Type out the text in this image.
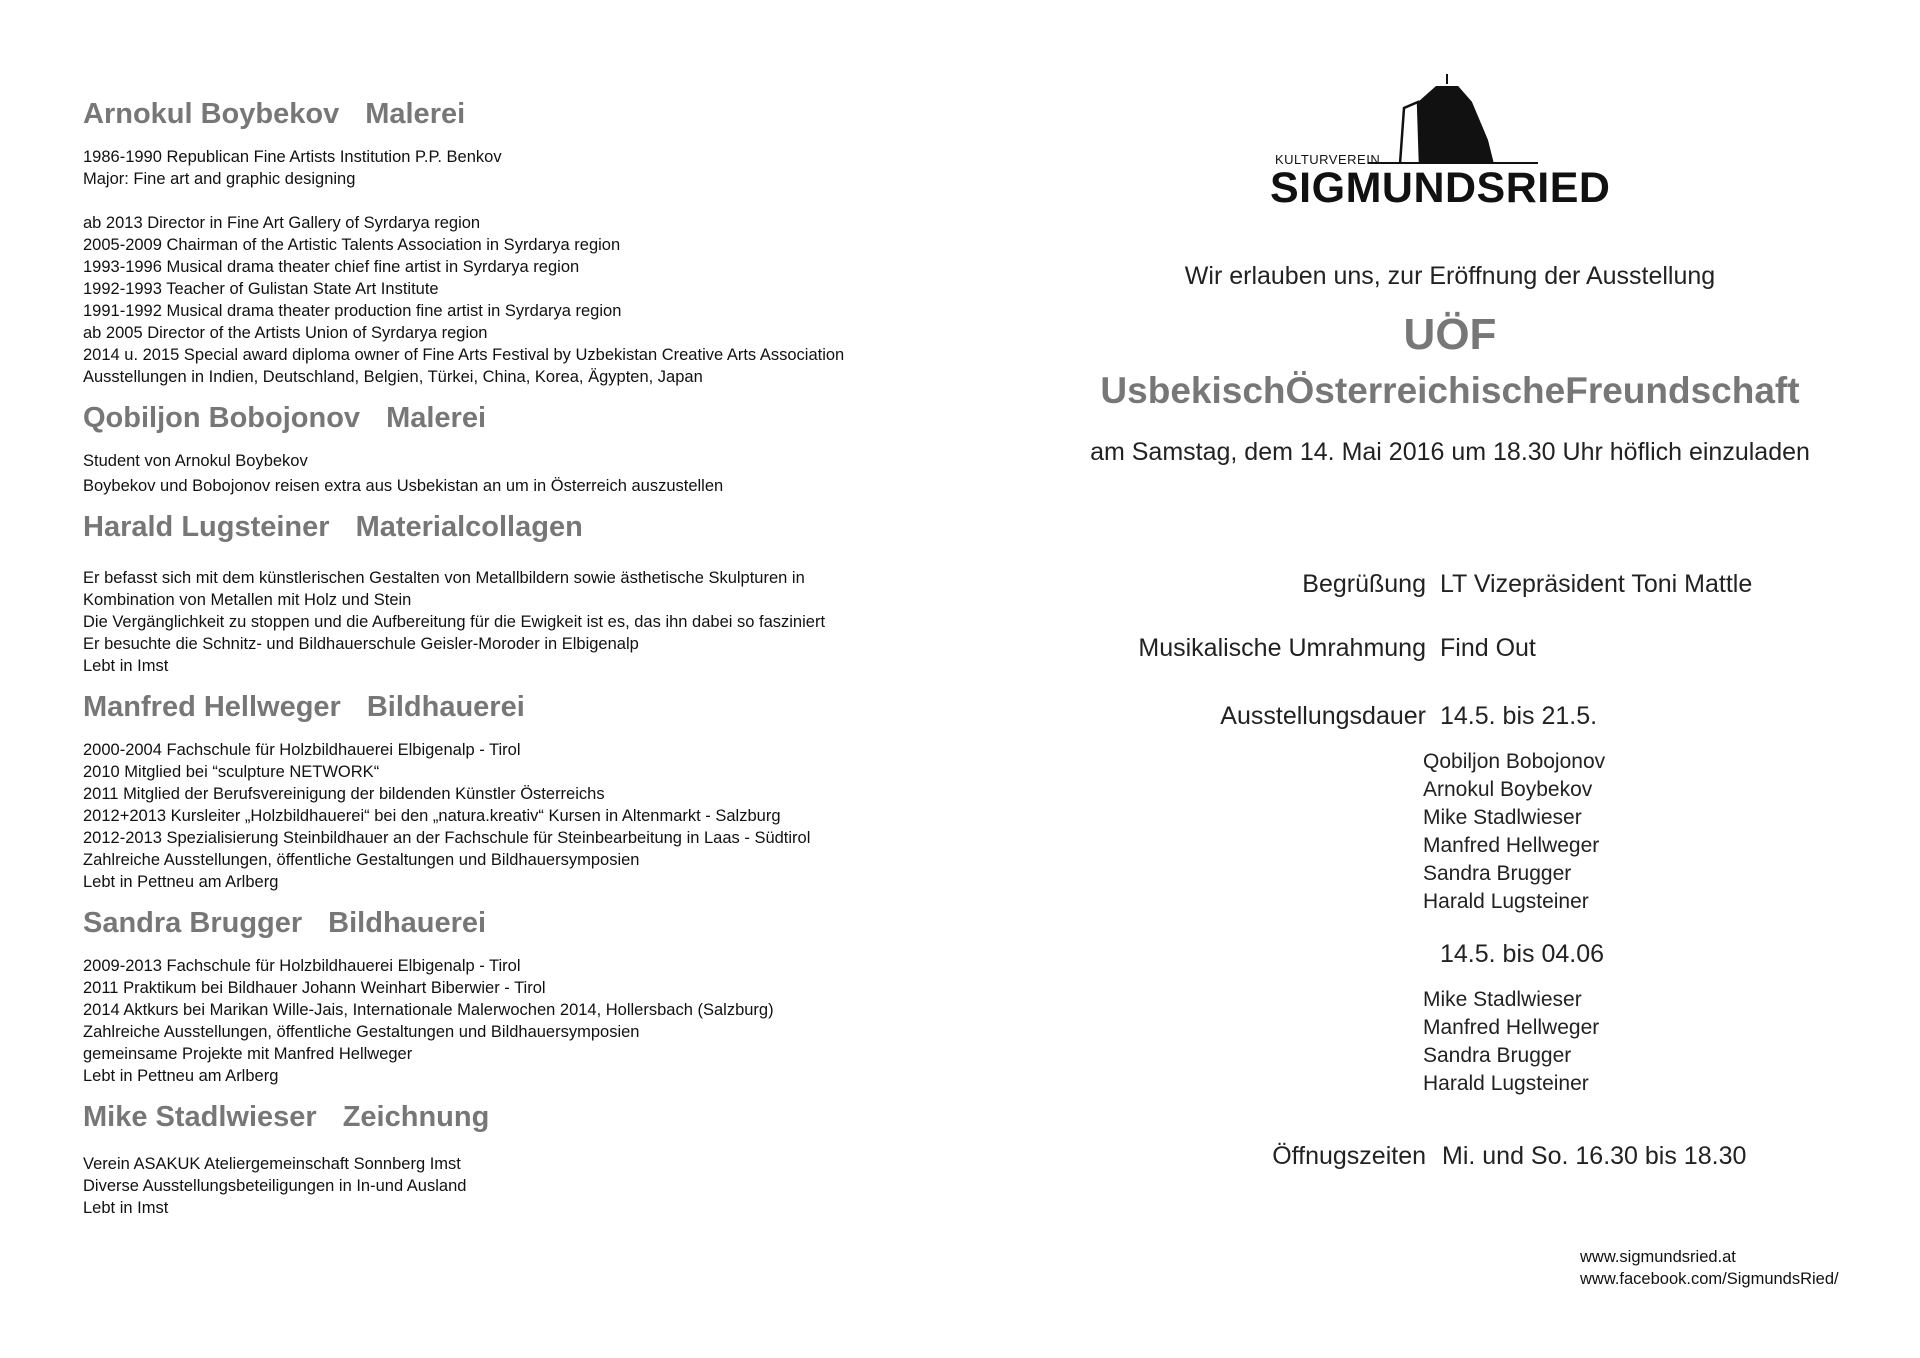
Arnokul Boybekov Malerei
1986-1990 Republican Fine Artists Institution P.P. Benkov
Major: Fine art and graphic designing
ab 2013 Director in Fine Art Gallery of Syrdarya region
2005-2009 Chairman of the Artistic Talents Association in Syrdarya region
1993-1996 Musical drama theater chief fine artist in Syrdarya region
1992-1993 Teacher of Gulistan State Art Institute
1991-1992 Musical drama theater production fine artist in Syrdarya region
ab 2005 Director of the Artists Union of Syrdarya region
2014 u. 2015 Special award diploma owner of Fine Arts Festival by Uzbekistan Creative Arts Association
Ausstellungen in Indien, Deutschland, Belgien, Türkei, China, Korea, Ägypten, Japan
Qobiljon Bobojonov Malerei
Student von Arnokul Boybekov
Boybekov und Bobojonov reisen extra aus Usbekistan an um in Österreich auszustellen
Harald Lugsteiner Materialcollagen
Er befasst sich mit dem künstlerischen Gestalten von Metallbildern sowie ästhetische Skulpturen in
Kombination von Metallen mit Holz und Stein
Die Vergänglichkeit zu stoppen und die Aufbereitung für die Ewigkeit ist es, das ihn dabei so fasziniert
Er besuchte die Schnitz- und Bildhauerschule Geisler-Moroder in Elbigenalp
Lebt in Imst
Manfred Hellweger Bildhauerei
2000-2004 Fachschule für Holzbildhauerei Elbigenalp - Tirol
2010 Mitglied bei “sculpture NETWORK“
2011 Mitglied der Berufsvereinigung der bildenden Künstler Österreichs
2012+2013 Kursleiter „Holzbildhauerei“ bei den „natura.kreativ“ Kursen in Altenmarkt - Salzburg
2012-2013 Spezialisierung Steinbildhauer an der Fachschule für Steinbearbeitung in Laas - Südtirol
Zahlreiche Ausstellungen, öffentliche Gestaltungen und Bildhauersymposien
Lebt in Pettneu am Arlberg
Sandra Brugger Bildhauerei
2009-2013 Fachschule für Holzbildhauerei Elbigenalp - Tirol
2011 Praktikum bei Bildhauer Johann Weinhart Biberwier - Tirol
2014 Aktkurs bei Marikan Wille-Jais, Internationale Malerwochen 2014, Hollersbach (Salzburg)
Zahlreiche Ausstellungen, öffentliche Gestaltungen und Bildhauersymposien
gemeinsame Projekte mit Manfred Hellweger
Lebt in Pettneu am Arlberg
Mike Stadlwieser Zeichnung
Verein ASAKUK Ateliergemeinschaft Sonnberg Imst
Diverse Ausstellungsbeteiligungen in In-und Ausland
Lebt in Imst
KULTURVEREIN
SIGMUNDSRIED
Wir erlauben uns, zur Eröffnung der Ausstellung
UÖF
UsbekischÖsterreichischeFreundschaft
am Samstag, dem 14. Mai 2016 um 18.30 Uhr höflich einzuladen
Begrüßung LT Vizepräsident Toni Mattle
Musikalische Umrahmung Find Out
Ausstellungsdauer 14.5. bis 21.5.
Qobiljon Bobojonov
Arnokul Boybekov
Mike Stadlwieser
Manfred Hellweger
Sandra Brugger
Harald Lugsteiner
14.5. bis 04.06
Mike Stadlwieser
Manfred Hellweger
Sandra Brugger
Harald Lugsteiner
Öffnugszeiten Mi. und So. 16.30 bis 18.30
www.sigmundsried.at
www.facebook.com/SigmundsRied/
